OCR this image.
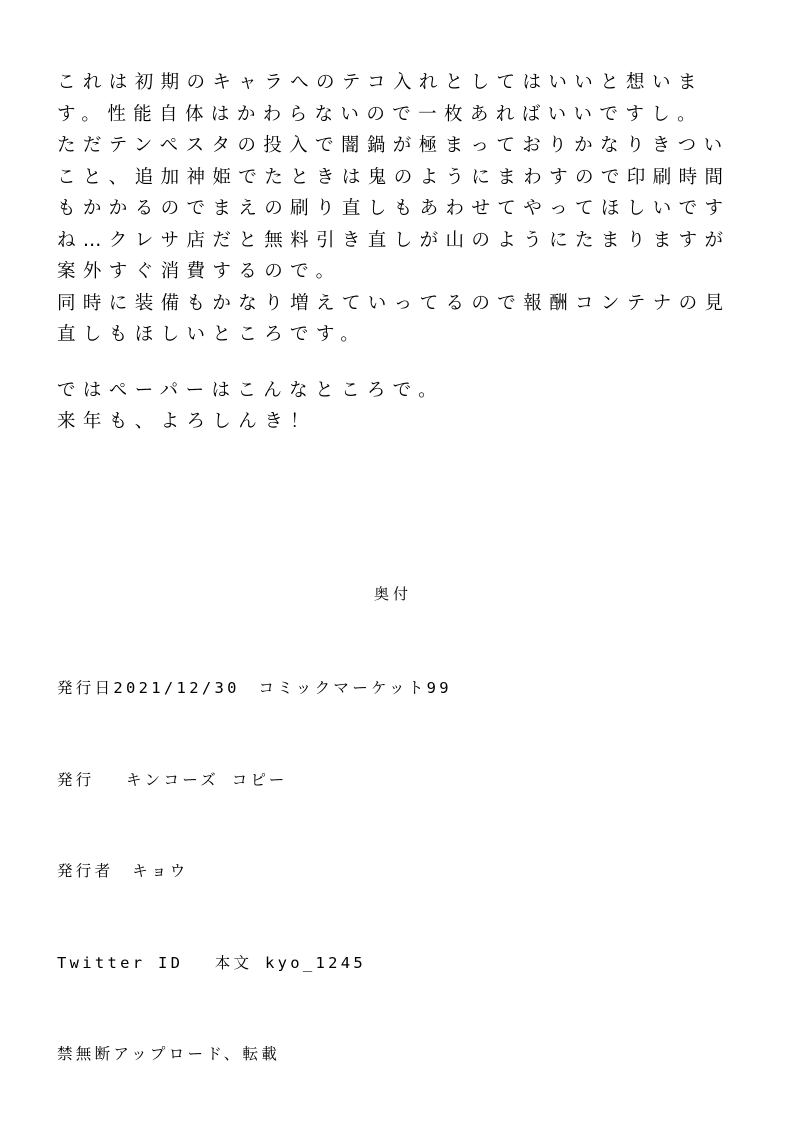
これは初期のキャラへのテコ入れとしてはいいと想いま
す。性能自体はかわらないので一枚あればいいですし。
ただテンペスタの投入で闇鍋が極まっておりかなりきつい
こと、追加神姫でたときは鬼のようにまわすので印刷時間
もかかるのでまえの刷り直しもあわせてやってほしいです
ね…クレサ店だと無料引き直しが山のようにたまりますが
案外すぐ消費するので。
同時に装備もかなり増えていってるので報酬コンテナの見
直しもほしいところです。
ではペーパーはこんなところで。
来年も、よろしんき！
奥付

発行日2021/12/30　コミックマーケット99

発行　 キンコーズ コピー

発行者　キョウ

Twitter ID　 本文 kyo_1245

禁無断アップロード、転載
